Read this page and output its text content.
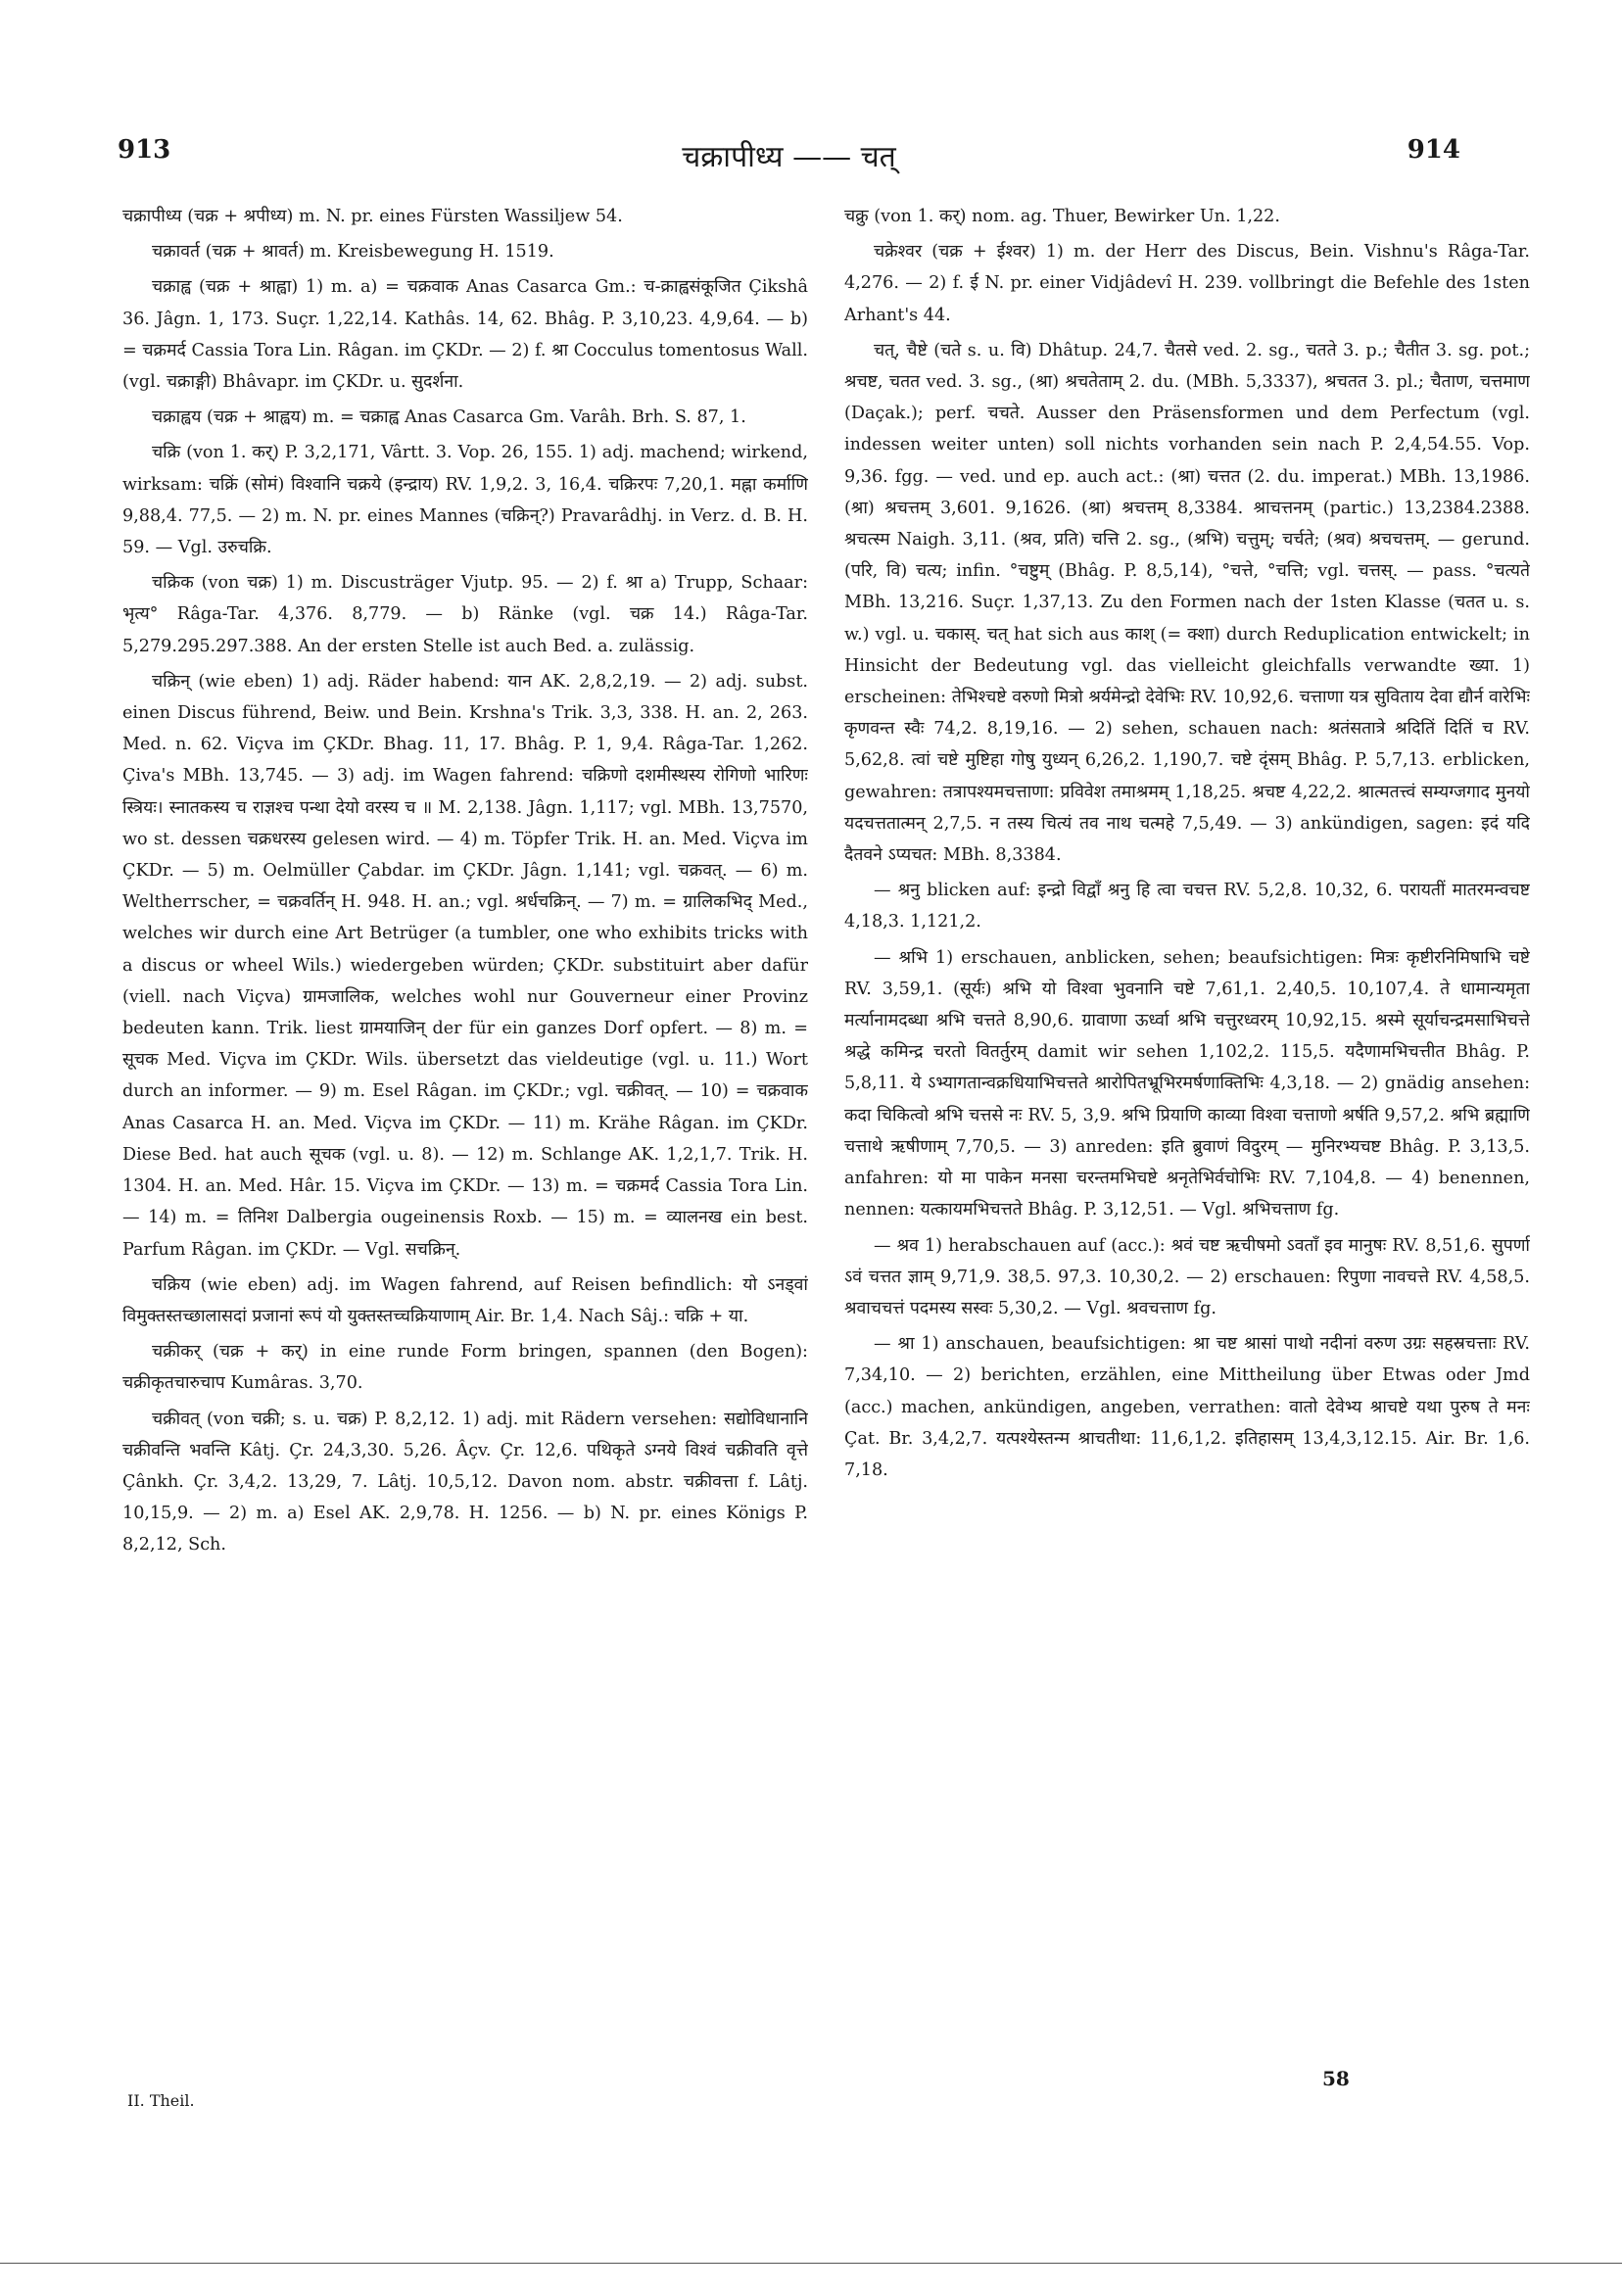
913	चक्रापीध्य —— चत्	914

चक्रापीध्य (चक्र + श्रपीध्य) m. N. pr. eines Fürsten Wassiljew 54.

चक्रावर्त (चक्र + श्रावर्त) m. Kreisbewegung H. 1519.

चक्राह्व (चक्र + श्राह्वा) 1) m. a) = चक्रवाक Anas Casarca Gm.: च-क्राह्वसंकूजित Çikshâ 36. Jâgn. 1, 173. Suçr. 1,22,14. Kathâs. 14, 62. Bhâg. P. 3,10,23. 4,9,64. — b) = चक्रमर्द Cassia Tora Lin. Râgan. im ÇKDr. — 2) f. श्रा Cocculus tomentosus Wall. (vgl. चक्राङ्गी) Bhâvapr. im ÇKDr. u. सुदर्शना.

चक्राह्वय (चक्र + श्राह्वय) m. = चक्राह्व Anas Casarca Gm. Varâh. Brh. S. 87, 1.

चक्रि (von 1. कर्) P. 3,2,171, Vârtt. 3. Vop. 26, 155. 1) adj. machend; wirkend, wirksam: चक्रिं (सोमं) विश्वानि चक्रये (इन्द्राय) RV. 1,9,2. 3, 16,4. चक्रिरपः 7,20,1. मह्ना कर्माणि 9,88,4. 77,5. — 2) m. N. pr. eines Mannes (चक्रिन्?) Pravarâdhj. in Verz. d. B. H. 59. — Vgl. उरुचक्रि.

चक्रिक (von चक्र) 1) m. Discusträger Vjutp. 95. — 2) f. श्रा a) Trupp, Schaar: भृत्य° Râga-Tar. 4,376. 8,779. — b) Ränke (vgl. चक्र 14.) Râga-Tar. 5,279.295.297.388. An der ersten Stelle ist auch Bed. a. zulässig.

चक्रिन् (wie eben) 1) adj. Räder habend: यान AK. 2,8,2,19. — 2) adj. subst. einen Discus führend, Beiw. und Bein. Krshna's Trik. 3,3, 338. H. an. 2, 263. Med. n. 62. Viçva im ÇKDr. Bhag. 11, 17. Bhâg. P. 1, 9,4. Râga-Tar. 1,262. Çiva's MBh. 13,745. — 3) adj. im Wagen fahrend: चक्रिणो दशमीस्थस्य रोगिणो भारिणः स्त्रियः। स्नातकस्य च राज्ञश्च पन्था देयो वरस्य च ॥ M. 2,138. Jâgn. 1,117; vgl. MBh. 13,7570, wo st. dessen चक्रधरस्य gelesen wird. — 4) m. Töpfer Trik. H. an. Med. Viçva im ÇKDr. — 5) m. Oelmüller Çabdar. im ÇKDr. Jâgn. 1,141; vgl. चक्रवत्. — 6) m. Weltherrscher, = चक्रवर्तिन् H. 948. H. an.; vgl. श्रर्धचक्रिन्. — 7) m. = ग्रालिकभिद् Med., welches wir durch eine Art Betrüger (a tumbler, one who exhibits tricks with a discus or wheel Wils.) wiedergeben würden; ÇKDr. substituirt aber dafür (viell. nach Viçva) ग्रामजालिक, welches wohl nur Gouverneur einer Provinz bedeuten kann. Trik. liest ग्रामयाजिन् der für ein ganzes Dorf opfert. — 8) m. = सूचक Med. Viçva im ÇKDr. Wils. übersetzt das vieldeutige (vgl. u. 11.) Wort durch an informer. — 9) m. Esel Râgan. im ÇKDr.; vgl. चक्रीवत्. — 10) = चक्रवाक Anas Casarca H. an. Med. Viçva im ÇKDr. — 11) m. Krähe Râgan. im ÇKDr. Diese Bed. hat auch सूचक (vgl. u. 8). — 12) m. Schlange AK. 1,2,1,7. Trik. H. 1304. H. an. Med. Hâr. 15. Viçva im ÇKDr. — 13) m. = चक्रमर्द Cassia Tora Lin. — 14) m. = तिनिश Dalbergia ougeinensis Roxb. — 15) m. = व्यालनख ein best. Parfum Râgan. im ÇKDr. — Vgl. सचक्रिन्.

चक्रिय (wie eben) adj. im Wagen fahrend, auf Reisen befindlich: यो ऽनड्वां विमुक्तस्तच्छालासदां प्रजानां रूपं यो युक्तस्तच्चक्रियाणाम् Air. Br. 1,4. Nach Sâj.: चक्रि + या.

चक्रीकर् (चक्र + कर्) in eine runde Form bringen, spannen (den Bogen): चक्रीकृतचारुचाप Kumâras. 3,70.

चक्रीवत् (von चक्री; s. u. चक्र) P. 8,2,12. 1) adj. mit Rädern versehen: सद्योविधानानि चक्रीवन्ति भवन्ति Kâtj. Çr. 24,3,30. 5,26. Âçv. Çr. 12,6. पथिकृते ऽग्नये विश्वं चक्रीवति वृत्ते Çânkh. Çr. 3,4,2. 13,29, 7. Lâtj. 10,5,12. Davon nom. abstr. चक्रीवत्ता f. Lâtj. 10,15,9. — 2) m. a) Esel AK. 2,9,78. H. 1256. — b) N. pr. eines Königs P. 8,2,12, Sch.

चक्रु (von 1. कर्) nom. ag. Thuer, Bewirker Un. 1,22.

चक्रेश्वर (चक्र + ईश्वर) 1) m. der Herr des Discus, Bein. Vishnu's Râga-Tar. 4,276. — 2) f. ई N. pr. einer Vidjâdevî H. 239. vollbringt die Befehle des 1sten Arhant's 44.

चत्, चैष्टे (चते s. u. वि) Dhâtup. 24,7. चैतसे ved. 2. sg., चतते 3. p.; चैतीत 3. sg. pot.; श्रचष्ट, चतत ved. 3. sg., (श्रा) श्रचतेताम् 2. du. (MBh. 5,3337), श्रचतत 3. pl.; चैताण, चत्तमाण (Daçak.); perf. चचते. Ausser den Präsensformen und dem Perfectum (vgl. indessen weiter unten) soll nichts vorhanden sein nach P. 2,4,54.55. Vop. 9,36. fgg. — ved. und ep. auch act.: (श्रा) चत्तत (2. du. imperat.) MBh. 13,1986. (श्रा) श्रचत्तम् 3,601. 9,1626. (श्रा) श्रचत्तम् 8,3384. श्राचत्तनम् (partic.) 13,2384.2388. श्रचत्स्म Naigh. 3,11. (श्रव, प्रति) चत्ति 2. sg., (श्रभि) चत्तुम्; चर्चते; (श्रव) श्रचचत्तम्. — gerund. (परि, वि) चत्य; infin. °चष्टुम् (Bhâg. P. 8,5,14), °चत्ते, °चत्ति; vgl. चत्तस्. — pass. °चत्यते MBh. 13,216. Suçr. 1,37,13. Zu den Formen nach der 1sten Klasse (चतत u. s. w.) vgl. u. चकास्. चत् hat sich aus काश् (= क्शा) durch Reduplication entwickelt; in Hinsicht der Bedeutung vgl. das vielleicht gleichfalls verwandte ख्या. 1) erscheinen: तेभिश्चष्टे वरुणो मित्रो श्रर्यमेन्द्रो देवेभिः RV. 10,92,6. चत्ताणा यत्र सुविताय देवा द्यौर्न वारेभिः कृणवन्त स्वैः 74,2. 8,19,16. — 2) sehen, schauen nach: श्रतंसतात्रे श्रदितिं दितिं च RV. 5,62,8. त्वां चष्टे मुष्टिहा गोषु युध्यन् 6,26,2. 1,190,7. चष्टे दृंसम् Bhâg. P. 5,7,13. erblicken, gewahren: तत्रापश्यमचत्ताणा: प्रविवेश तमाश्रमम् 1,18,25. श्रचष्ट 4,22,2. श्रात्मतत्त्वं सम्यग्जगाद मुनयो यदचत्ततात्मन् 2,7,5. न तस्य चित्यं तव नाथ चत्महे 7,5,49. — 3) ankündigen, sagen: इदं यदि दैतवने ऽप्यचत: MBh. 8,3384.

— श्रनु blicken auf: इन्द्रो विद्वाँ श्रनु हि त्वा चचत्त RV. 5,2,8. 10,32, 6. परायतीं मातरमन्वचष्ट 4,18,3. 1,121,2.

— श्रभि 1) erschauen, anblicken, sehen; beaufsichtigen: मित्रः कृष्टीरनिमिषाभि चष्टे RV. 3,59,1. (सूर्यः) श्रभि यो विश्वा भुवनानि चष्टे 7,61,1. 2,40,5. 10,107,4. ते धामान्यमृता मर्त्यानामदब्धा श्रभि चत्तते 8,90,6. ग्रावाणा ऊर्ध्वा श्रभि चत्तुरध्वरम् 10,92,15. श्रस्मे सूर्याचन्द्रमसाभिचत्ते श्रद्धे कमिन्द्र चरतो वितर्तुरम् damit wir sehen 1,102,2. 115,5. यदैणामभिचत्तीत Bhâg. P. 5,8,11. ये ऽभ्यागतान्वक्रधियाभिचत्तते श्रारोपितभ्रूभिरमर्षणाक्तिभिः 4,3,18. — 2) gnädig ansehen: कदा चिकित्वो श्रभि चत्तसे नः RV. 5, 3,9. श्रभि प्रियाणि काव्या विश्वा चत्ताणो श्रर्षति 9,57,2. श्रभि ब्रह्माणि चत्ताथे ऋषीणाम् 7,70,5. — 3) anreden: इति ब्रुवाणं विदुरम् — मुनिरभ्यचष्ट Bhâg. P. 3,13,5. anfahren: यो मा पाकेन मनसा चरन्तमभिचष्टे श्रनृतेभिर्वचोभिः RV. 7,104,8. — 4) benennen, nennen: यत्कायमभिचत्तते Bhâg. P. 3,12,51. — Vgl. श्रभिचत्ताण fg.

— श्रव 1) herabschauen auf (acc.): श्रवं चष्ट ऋचीषमो ऽवताँ इव मानुषः RV. 8,51,6. सुपर्णा ऽवं चत्तत ज्ञाम् 9,71,9. 38,5. 97,3. 10,30,2. — 2) erschauen: रिपुणा नावचत्ते RV. 4,58,5. श्रवाचचत्तं पदमस्य सस्वः 5,30,2. — Vgl. श्रवचत्ताण fg.

— श्रा 1) anschauen, beaufsichtigen: श्रा चष्ट श्रासां पाथो नदीनां वरुण उग्रः सहस्रचत्ताः RV. 7,34,10. — 2) berichten, erzählen, eine Mittheilung über Etwas oder Jmd (acc.) machen, ankündigen, angeben, verrathen: वातो देवेभ्य श्राचष्टे यथा पुरुष ते मनः Çat. Br. 3,4,2,7. यत्पश्येस्तन्म श्राचतीथा: 11,6,1,2. इतिहासम् 13,4,3,12.15. Air. Br. 1,6. 7,18.

II. Theil.
58
